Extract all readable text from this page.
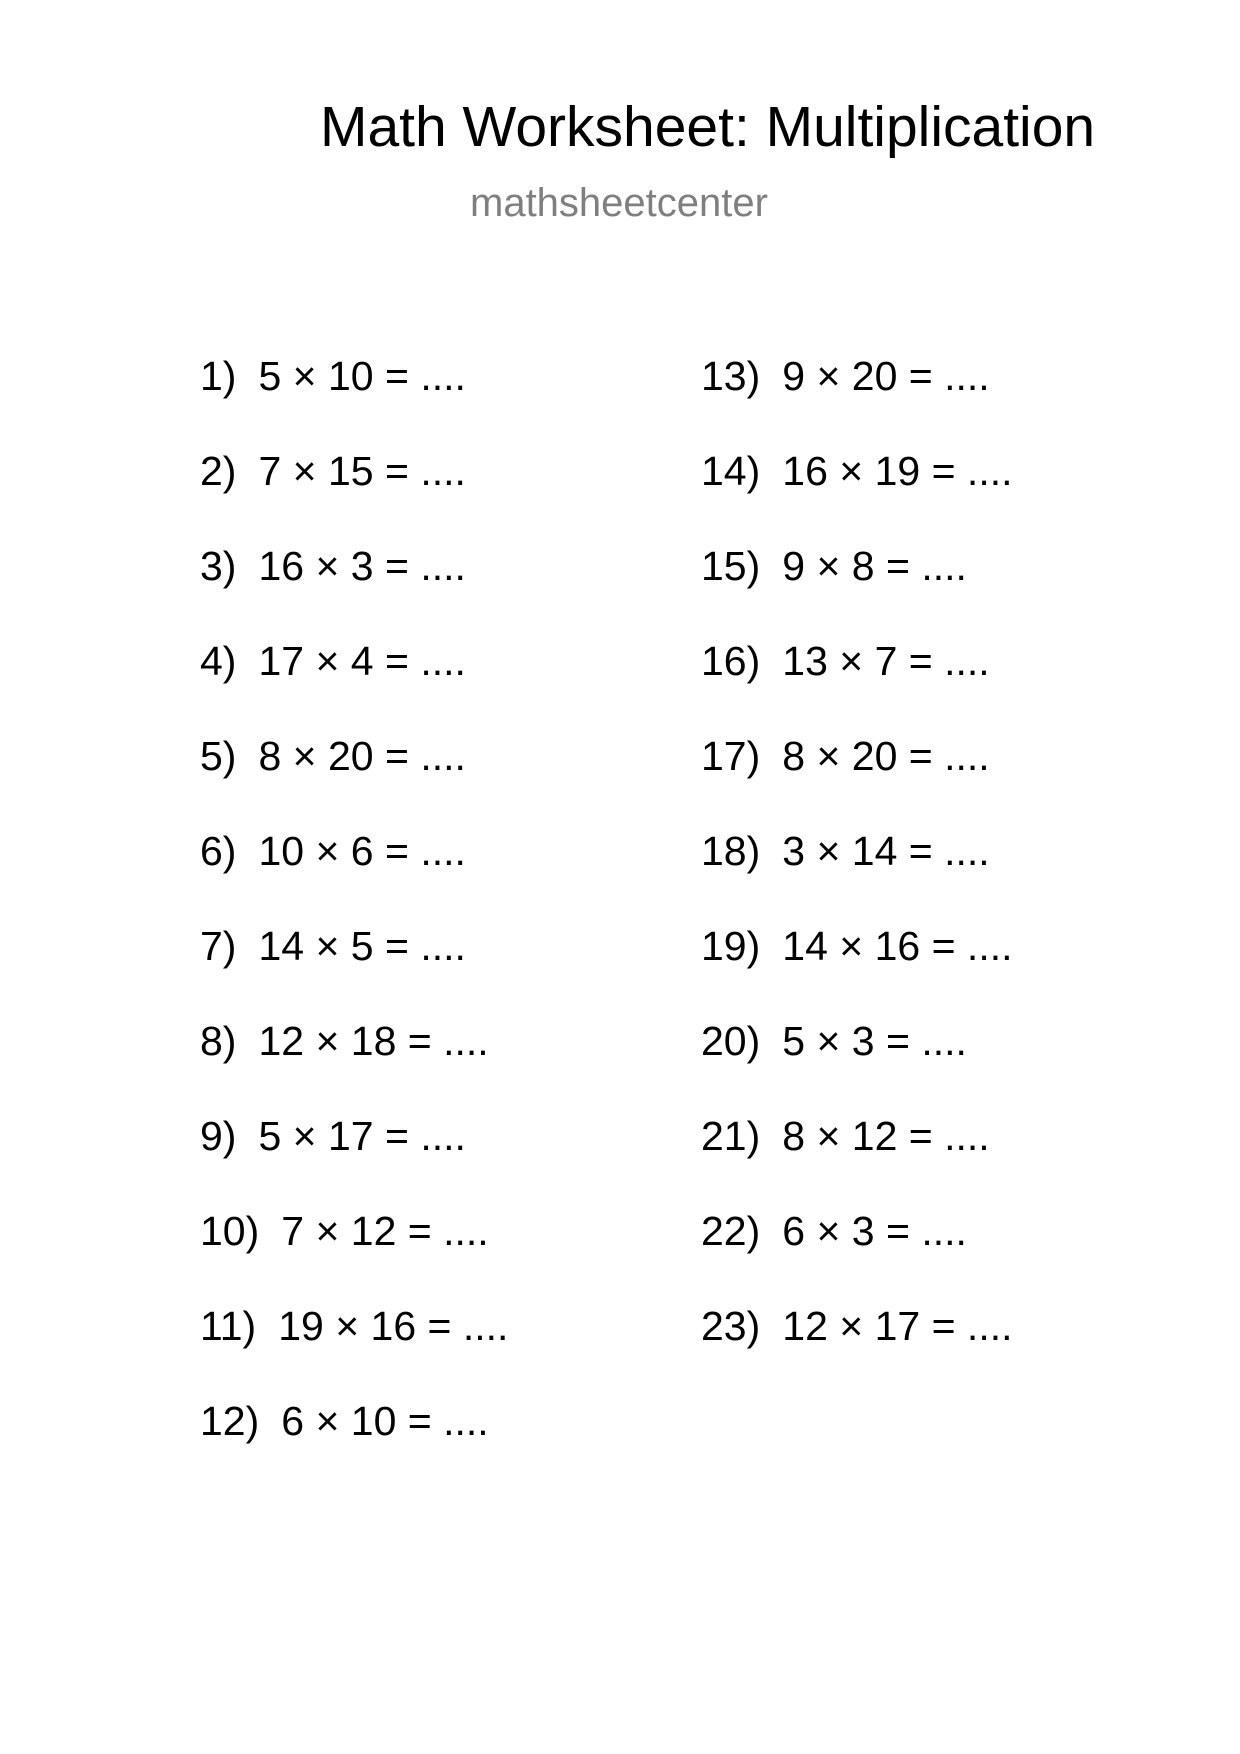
Math Worksheet: Multiplication
mathsheetcenter
1) 5 × 10 = ....
2) 7 × 15 = ....
3) 16 × 3 = ....
4) 17 × 4 = ....
5) 8 × 20 = ....
6) 10 × 6 = ....
7) 14 × 5 = ....
8) 12 × 18 = ....
9) 5 × 17 = ....
10) 7 × 12 = ....
11) 19 × 16 = ....
12) 6 × 10 = ....
13) 9 × 20 = ....
14) 16 × 19 = ....
15) 9 × 8 = ....
16) 13 × 7 = ....
17) 8 × 20 = ....
18) 3 × 14 = ....
19) 14 × 16 = ....
20) 5 × 3 = ....
21) 8 × 12 = ....
22) 6 × 3 = ....
23) 12 × 17 = ....
